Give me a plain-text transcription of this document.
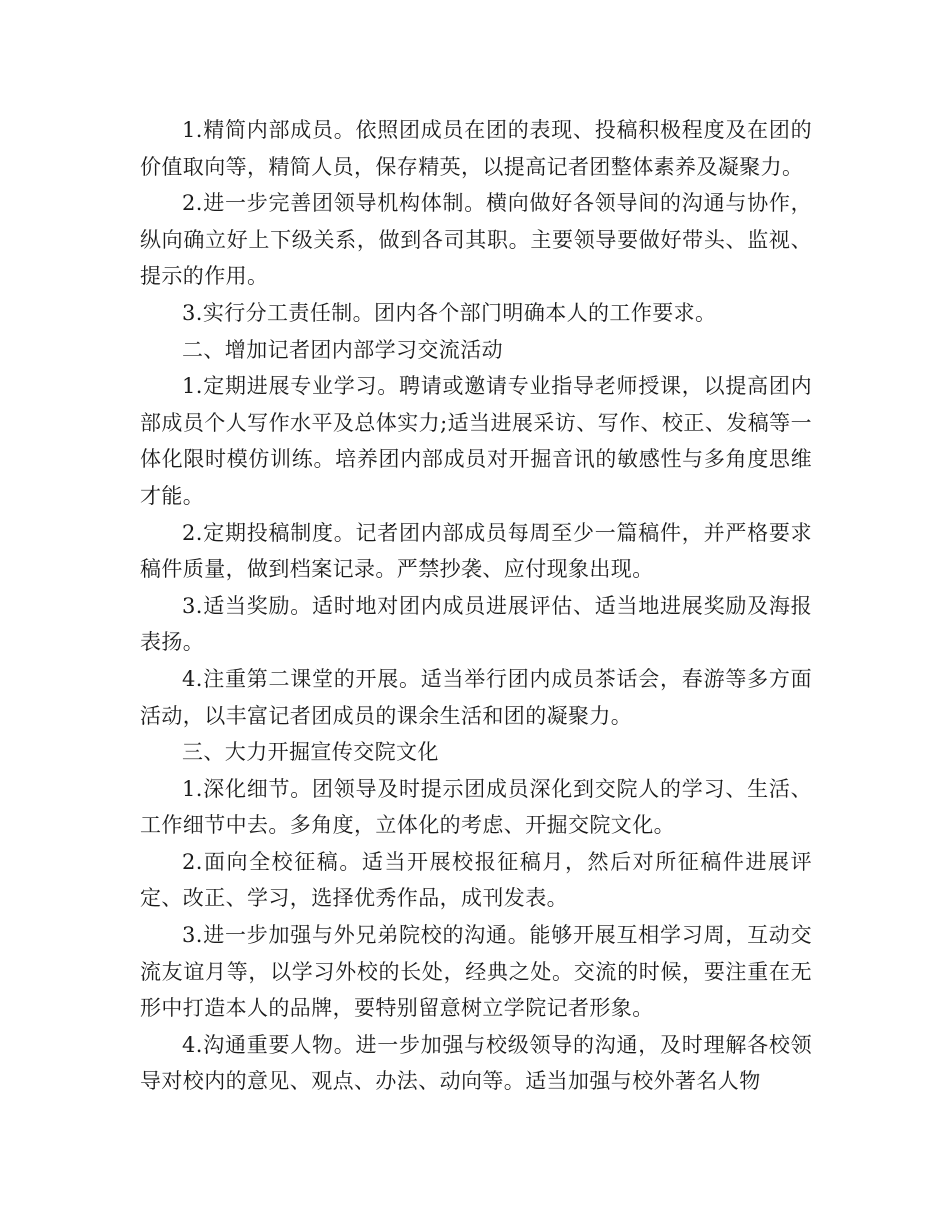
1.精简内部成员。依照团成员在团的表现、投稿积极程度及在团的价值取向等，精简人员，保存精英，以提高记者团整体素养及凝聚力。

2.进一步完善团领导机构体制。横向做好各领导间的沟通与协作，纵向确立好上下级关系，做到各司其职。主要领导要做好带头、监视、提示的作用。

3.实行分工责任制。团内各个部门明确本人的工作要求。

二、增加记者团内部学习交流活动

1.定期进展专业学习。聘请或邀请专业指导老师授课，以提高团内部成员个人写作水平及总体实力;适当进展采访、写作、校正、发稿等一体化限时模仿训练。培养团内部成员对开掘音讯的敏感性与多角度思维才能。

2.定期投稿制度。记者团内部成员每周至少一篇稿件，并严格要求稿件质量，做到档案记录。严禁抄袭、应付现象出现。

3.适当奖励。适时地对团内成员进展评估、适当地进展奖励及海报表扬。

4.注重第二课堂的开展。适当举行团内成员茶话会，春游等多方面活动，以丰富记者团成员的课余生活和团的凝聚力。

三、大力开掘宣传交院文化

1.深化细节。团领导及时提示团成员深化到交院人的学习、生活、工作细节中去。多角度，立体化的考虑、开掘交院文化。

2.面向全校征稿。适当开展校报征稿月，然后对所征稿件进展评定、改正、学习，选择优秀作品，成刊发表。

3.进一步加强与外兄弟院校的沟通。能够开展互相学习周，互动交流友谊月等，以学习外校的长处，经典之处。交流的时候，要注重在无形中打造本人的品牌，要特别留意树立学院记者形象。

4.沟通重要人物。进一步加强与校级领导的沟通，及时理解各校领导对校内的意见、观点、办法、动向等。适当加强与校外著名人物
